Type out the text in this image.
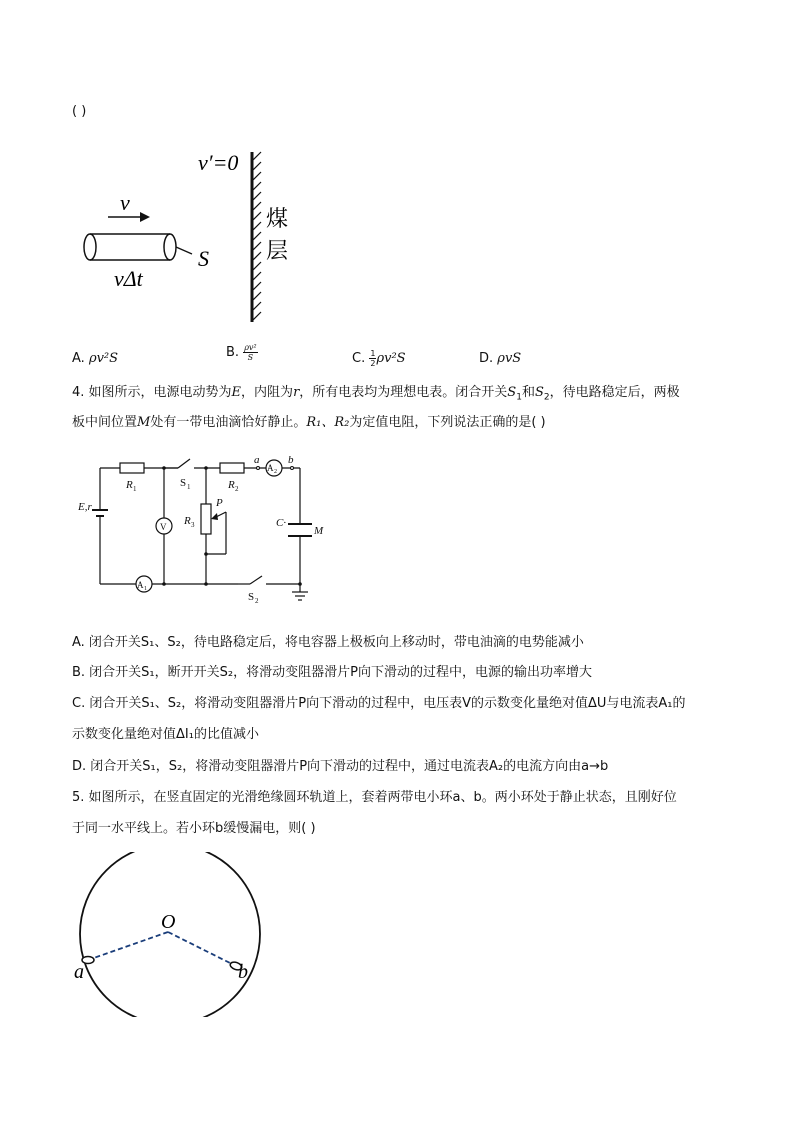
( )
v′=0
煤
层
v
S
vΔt
A. ρv²S	B. $\frac{\text{ρv²}}{S}$	C. $\frac{1}{2} \rho v^2S$	D. ρvS
4. 如图所示，电源电动势为E，内阻为r，所有电表均为理想电表。闭合开关$S_1$和$S_2$，待电路稳定后，两极
板中间位置M处有一带电油滴恰好静止。R₁、R₂为定值电阻，下列说法正确的是( )
R 1	S 1	R 2
a	b
A 2
E,r
V R 3
P
C ·
M
A 1
S 2
A. 闭合开关S₁、S₂，待电路稳定后，将电容器上极板向上移动时，带电油滴的电势能减小
B. 闭合开关S₁，断开开关S₂，将滑动变阻器滑片P向下滑动的过程中，电源的输出功率增大
C. 闭合开关S₁、S₂，将滑动变阻器滑片P向下滑动的过程中，电压表V的示数变化量绝对值ΔU与电流表A₁的
示数变化量绝对值ΔI₁的比值减小
D. 闭合开关S₁，S₂，将滑动变阻器滑片P向下滑动的过程中，通过电流表A₂的电流方向由a→b
5. 如图所示，在竖直固定的光滑绝缘圆环轨道上，套着两带电小环a、b。两小环处于静止状态，且刚好位
于同一水平线上。若小环b缓慢漏电，则( )
O
a	b
